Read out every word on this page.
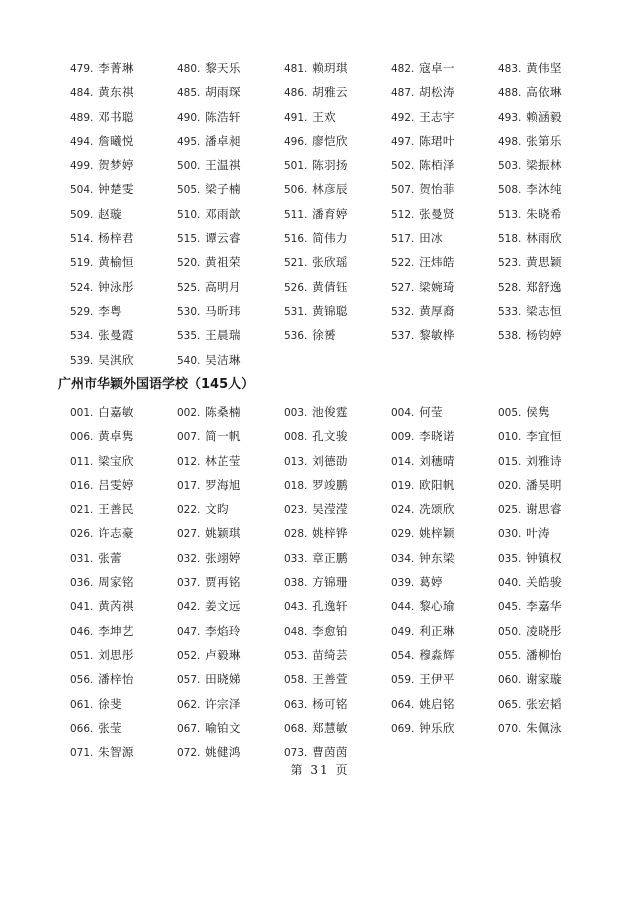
479. 李菁琳	480. 黎天乐	481. 赖玥琪	482. 寇卓一	483. 黄伟坚
484. 黄东祺	485. 胡雨琛	486. 胡雅云	487. 胡松涛	488. 高依琳
489. 邓书聪	490. 陈浩轩	491. 王欢	492. 王志宇	493. 赖涵毅
494. 詹曦悦	495. 潘卓昶	496. 廖恺欣	497. 陈珺叶	498. 张第乐
499. 贺梦婷	500. 王温祺	501. 陈羽扬	502. 陈栢泽	503. 梁振林
504. 钟楚雯	505. 梁子楠	506. 林彦辰	507. 贺怡菲	508. 李沐纯
509. 赵璇	510. 邓雨歆	511. 潘育婷	512. 张曼贤	513. 朱晓希
514. 杨梓君	515. 谭云睿	516. 简伟力	517. 田冰	518. 林雨欣
519. 黄榆恒	520. 黄祖荣	521. 张欣瑶	522. 汪炜皓	523. 黄思颖
524. 钟泳彤	525. 高明月	526. 黄倩钰	527. 梁婉琦	528. 郑舒逸
529. 李粤	530. 马昕玮	531. 黄锦聪	532. 黄厚裔	533. 梁志恒
534. 张曼霞	535. 王晨瑞	536. 徐赟	537. 黎敏桦	538. 杨钧婷
539. 吴淇欣	540. 吴洁琳
广州市华颖外国语学校（145人）
001. 白嘉敏	002. 陈桑楠	003. 池俊霆	004. 何莹	005. 侯隽
006. 黄卓隽	007. 简一帆	008. 孔文骏	009. 李晓诺	010. 李宜恒
011. 梁宝欣	012. 林芷莹	013. 刘德劭	014. 刘穗晴	015. 刘雅诗
016. 吕雯婷	017. 罗海旭	018. 罗竣鹏	019. 欧阳帆	020. 潘昊明
021. 王善民	022. 文昀	023. 吴滢滢	024. 冼颂欣	025. 谢思睿
026. 许志豪	027. 姚颖琪	028. 姚梓铧	029. 姚梓颖	030. 叶涛
031. 张蕾	032. 张翊婷	033. 章正鹏	034. 钟东梁	035. 钟镇权
036. 周家铭	037. 贾再铭	038. 方锦珊	039. 葛婷	040. 关皓骏
041. 黄芮祺	042. 姜文远	043. 孔逸轩	044. 黎心瑜	045. 李嘉华
046. 李坤艺	047. 李焰玲	048. 李愈铂	049. 利正琳	050. 凌晓彤
051. 刘思彤	052. 卢毅琳	053. 苗绮芸	054. 穆淼辉	055. 潘柳怡
056. 潘梓怡	057. 田晓娣	058. 王善萱	059. 王伊平	060. 谢家璇
061. 徐斐	062. 许宗泽	063. 杨可铭	064. 姚启铭	065. 张宏韬
066. 张莹	067. 喻铂文	068. 郑慧敏	069. 钟乐欣	070. 朱佩泳
071. 朱智源	072. 姚健鸿	073. 曹茵茵
第 31 页
